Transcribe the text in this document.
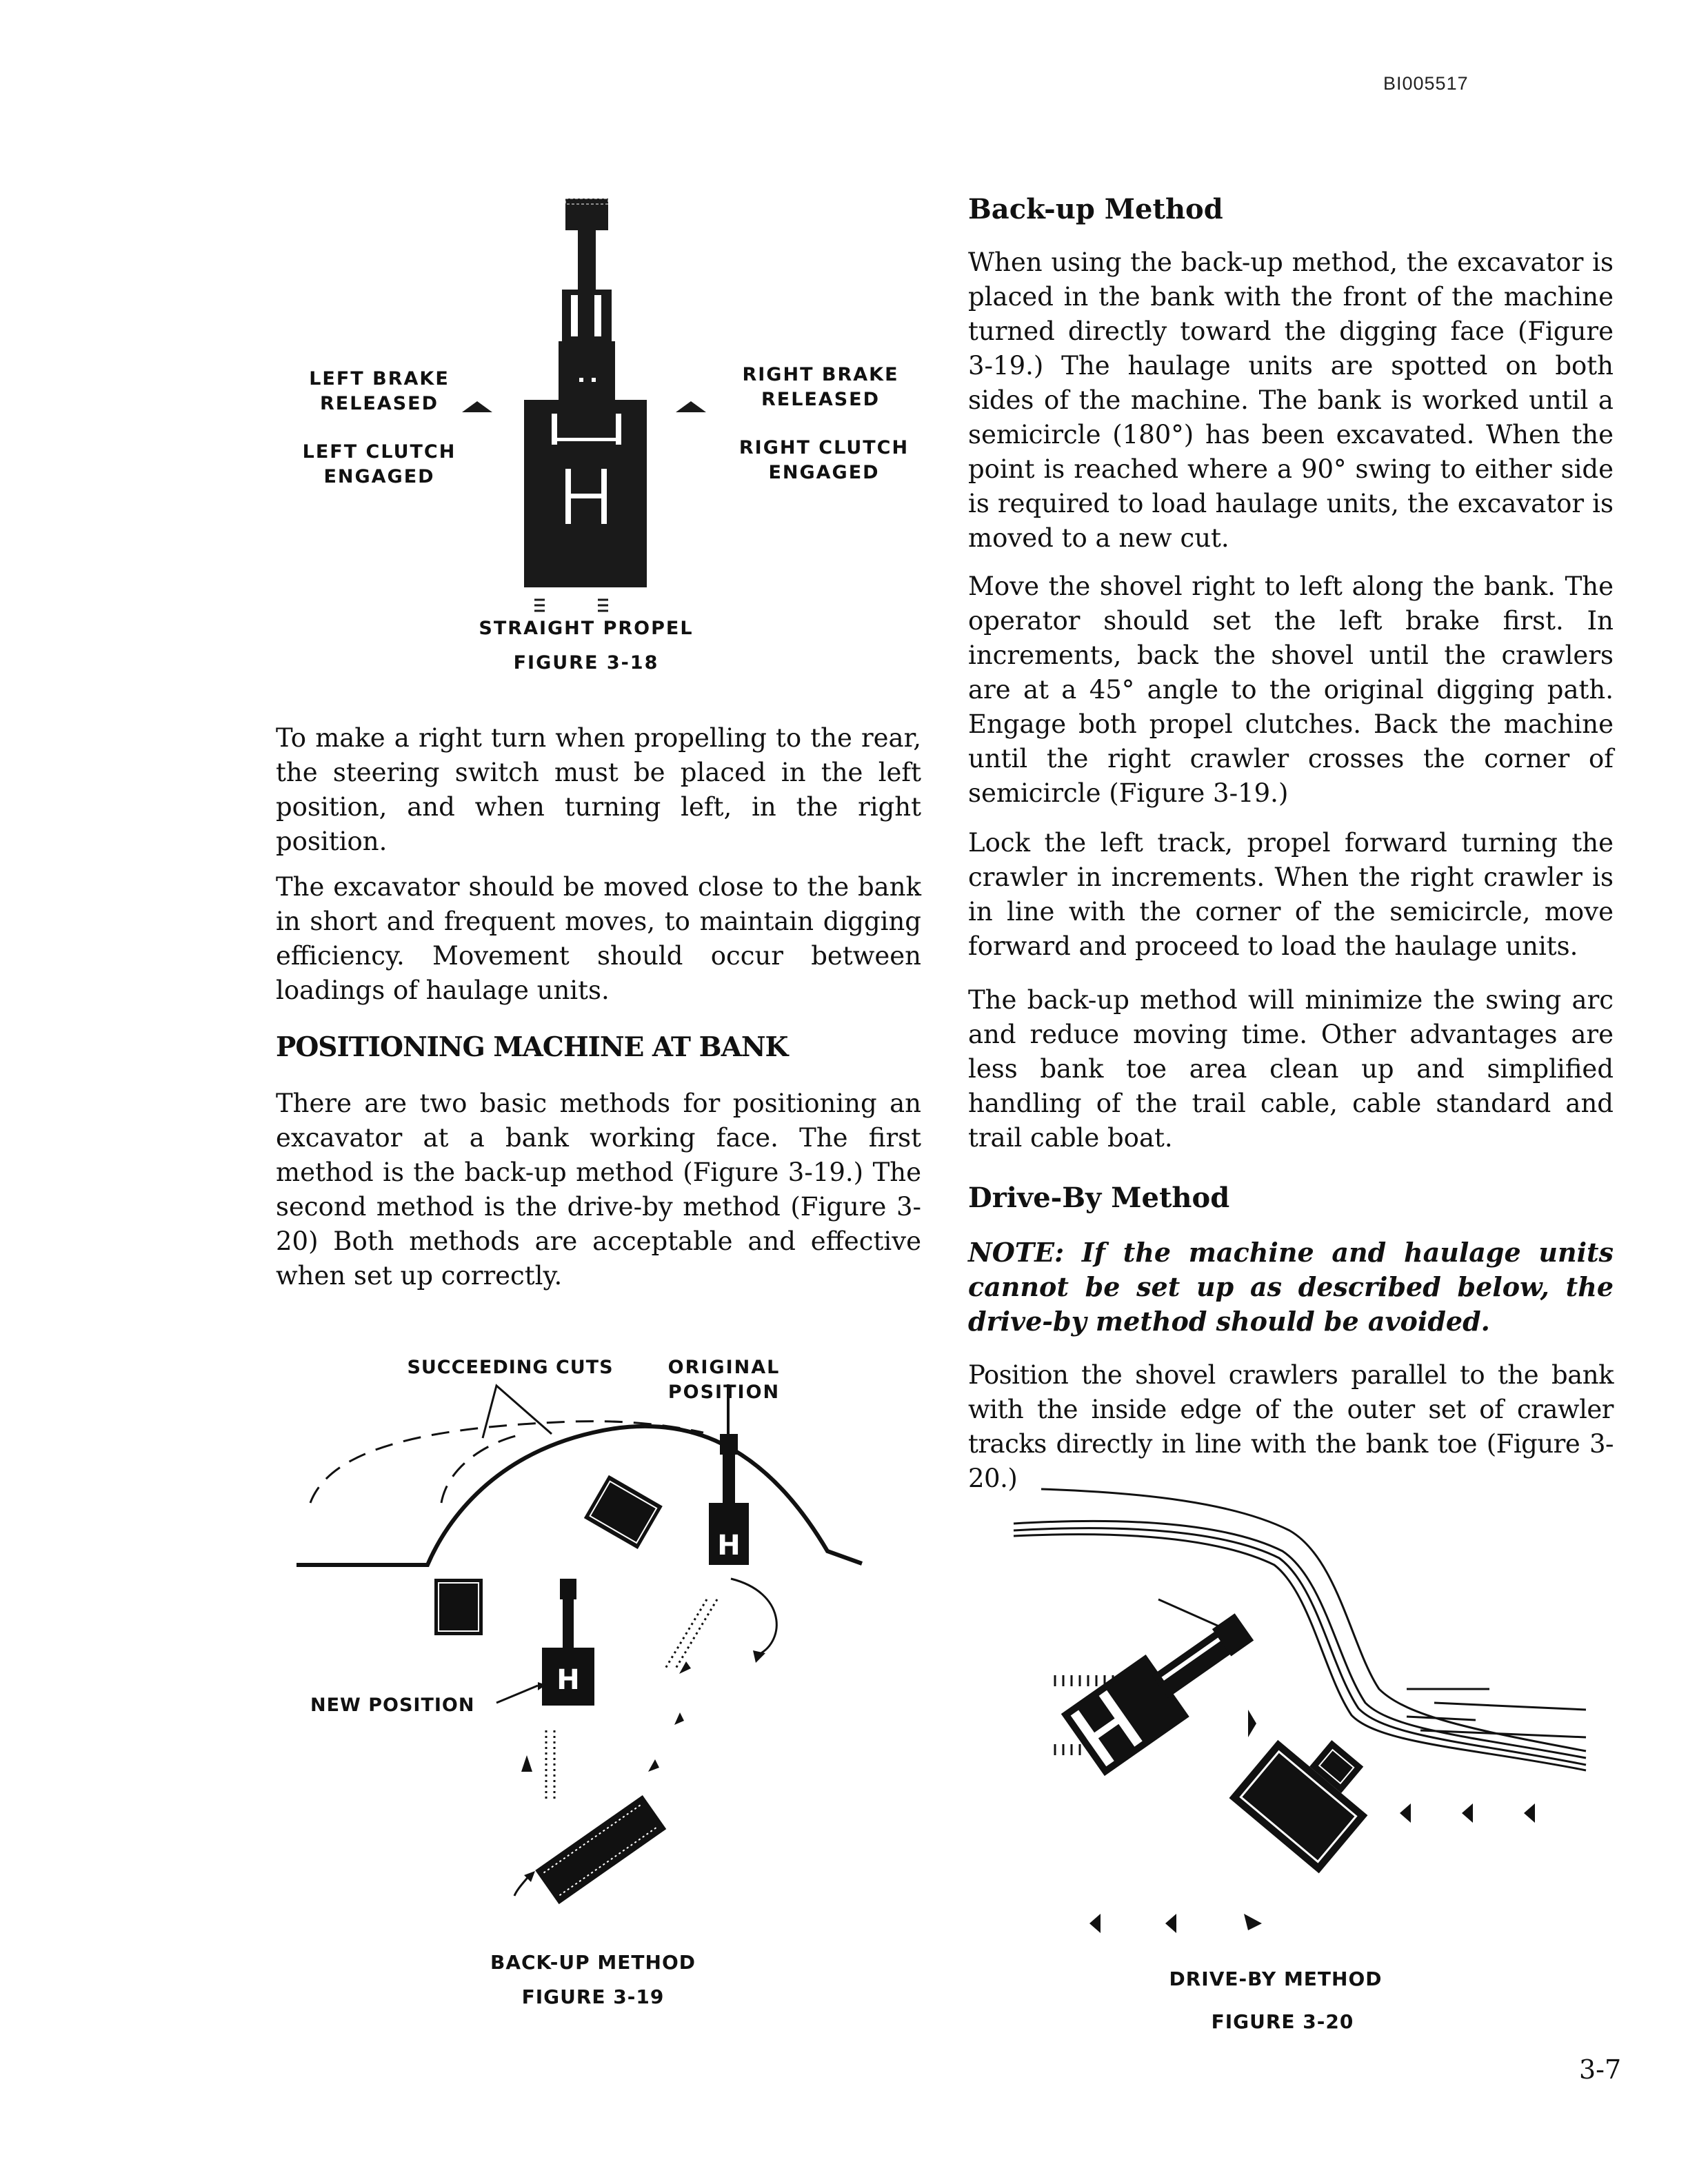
BI005517
LEFT BRAKE
RELEASED
LEFT CLUTCH
ENGAGED
RIGHT BRAKE
RELEASED
RIGHT CLUTCH
ENGAGED
STRAIGHT PROPEL
FIGURE 3-18

To make a right turn when propelling to the rear, the steering switch must be placed in the left position, and when turning left, in the right position.

The excavator should be moved close to the bank in short and frequent moves, to maintain digging efficiency. Movement should occur between loadings of haulage units.

POSITIONING MACHINE AT BANK

There are two basic methods for positioning an excavator at a bank working face. The first method is the back-up method (Figure 3-19.) The second method is the drive-by method (Figure 3-20) Both methods are acceptable and effective when set up correctly.

SUCCEEDING CUTS	ORIGINAL
POSITION
H
H
NEW POSITION
BACK-UP METHOD
FIGURE 3-19

Back-up Method

When using the back-up method, the excavator is placed in the bank with the front of the machine turned directly toward the digging face (Figure 3-19.) The haulage units are spotted on both sides of the machine. The bank is worked until a semicircle (180°) has been excavated. When the point is reached where a 90° swing to either side is required to load haulage units, the excavator is moved to a new cut.

Move the shovel right to left along the bank. The operator should set the left brake first. In increments, back the shovel until the crawlers are at a 45° angle to the original digging path. Engage both propel clutches. Back the machine until the right crawler crosses the corner of semicircle (Figure 3-19.)

Lock the left track, propel forward turning the crawler in increments. When the right crawler is in line with the corner of the semicircle, move forward and proceed to load the haulage units.

The back-up method will minimize the swing arc and reduce moving time. Other advantages are less bank toe area clean up and simplified handling of the trail cable, cable standard and trail cable boat.

Drive-By Method

NOTE: If the machine and haulage units cannot be set up as described below, the drive-by method should be avoided.

Position the shovel crawlers parallel to the bank with the inside edge of the outer set of crawler tracks directly in line with the bank toe (Figure 3-20.)

DRIVE-BY METHOD
FIGURE 3-20
3-7
